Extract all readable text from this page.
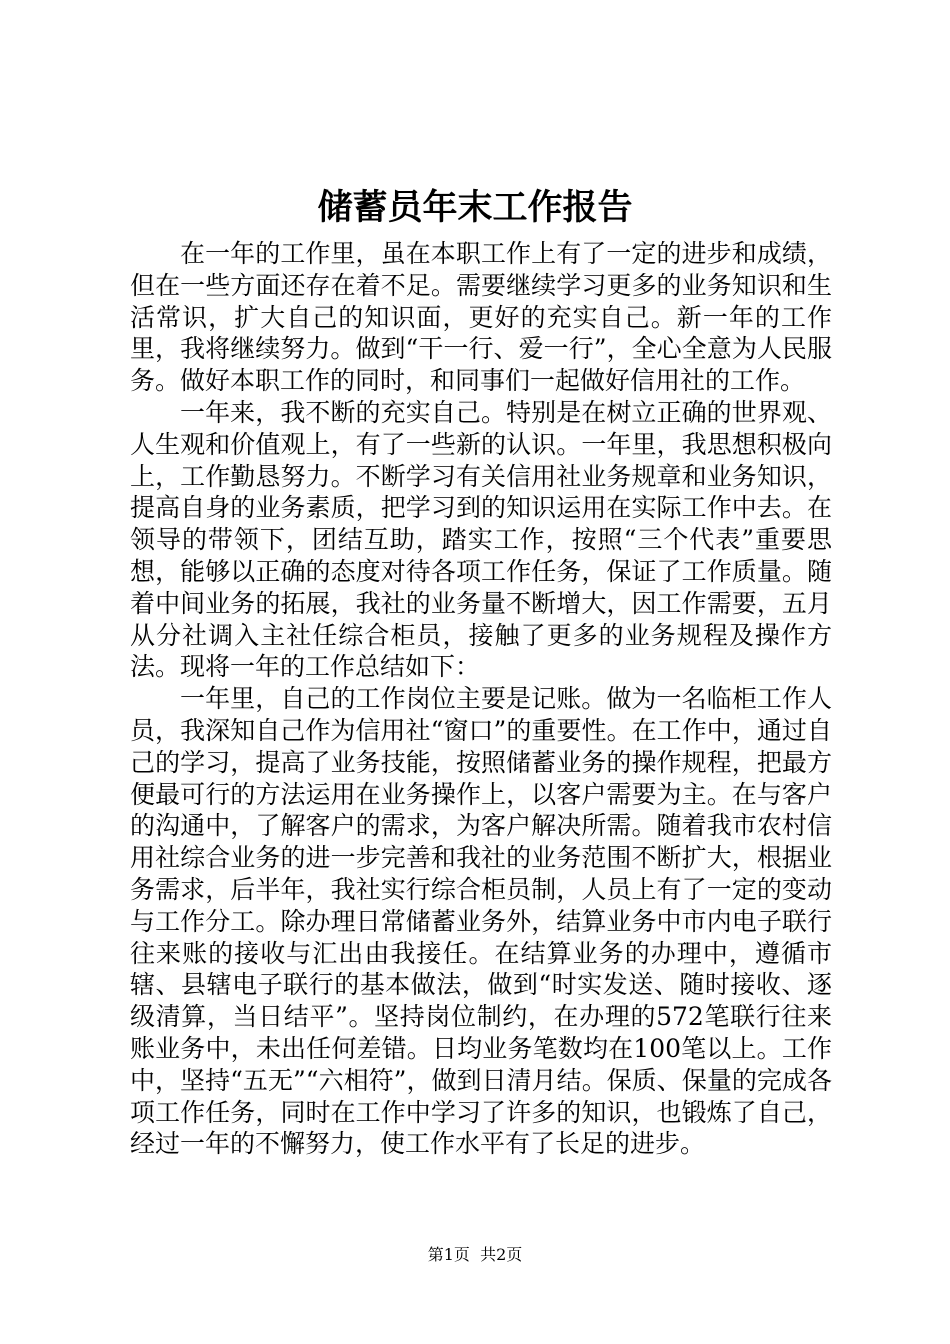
储蓄员年末工作报告

在一年的工作里，虽在本职工作上有了一定的进步和成绩，但在一些方面还存在着不足。需要继续学习更多的业务知识和生活常识，扩大自己的知识面，更好的充实自己。新一年的工作里，我将继续努力。做到“干一行、爱一行”，全心全意为人民服务。做好本职工作的同时，和同事们一起做好信用社的工作。

一年来，我不断的充实自己。特别是在树立正确的世界观、人生观和价值观上，有了一些新的认识。一年里，我思想积极向上，工作勤恳努力。不断学习有关信用社业务规章和业务知识，提高自身的业务素质，把学习到的知识运用在实际工作中去。在领导的带领下，团结互助，踏实工作，按照“三个代表”重要思想，能够以正确的态度对待各项工作任务，保证了工作质量。随着中间业务的拓展，我社的业务量不断增大，因工作需要，五月从分社调入主社任综合柜员，接触了更多的业务规程及操作方法。现将一年的工作总结如下：

一年里，自己的工作岗位主要是记账。做为一名临柜工作人员，我深知自己作为信用社“窗口”的重要性。在工作中，通过自己的学习，提高了业务技能，按照储蓄业务的操作规程，把最方便最可行的方法运用在业务操作上，以客户需要为主。在与客户的沟通中，了解客户的需求，为客户解决所需。随着我市农村信用社综合业务的进一步完善和我社的业务范围不断扩大，根据业务需求，后半年，我社实行综合柜员制，人员上有了一定的变动与工作分工。除办理日常储蓄业务外，结算业务中市内电子联行往来账的接收与汇出由我接任。在结算业务的办理中，遵循市辖、县辖电子联行的基本做法，做到“时实发送、随时接收、逐级清算，当日结平”。坚持岗位制约，在办理的572笔联行往来账业务中，未出任何差错。日均业务笔数均在100笔以上。工作中，坚持“五无”“六相符”，做到日清月结。保质、保量的完成各项工作任务，同时在工作中学习了许多的知识，也锻炼了自己，经过一年的不懈努力，使工作水平有了长足的进步。

第1页 共2页
